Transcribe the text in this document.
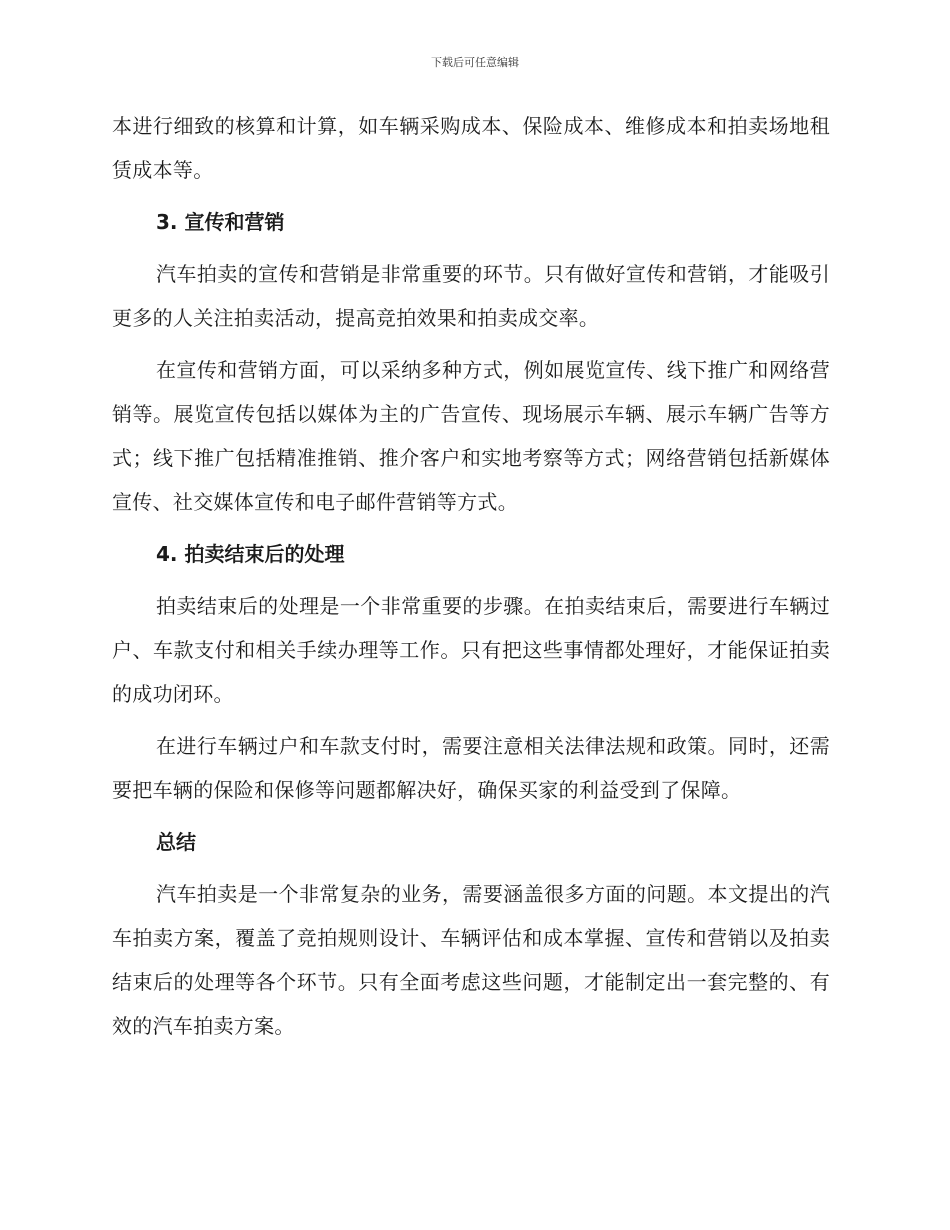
下载后可任意编辑

本进行细致的核算和计算，如车辆采购成本、保险成本、维修成本和拍卖场地租赁成本等。

3. 宣传和营销

汽车拍卖的宣传和营销是非常重要的环节。只有做好宣传和营销，才能吸引更多的人关注拍卖活动，提高竞拍效果和拍卖成交率。

在宣传和营销方面，可以采纳多种方式，例如展览宣传、线下推广和网络营销等。展览宣传包括以媒体为主的广告宣传、现场展示车辆、展示车辆广告等方式；线下推广包括精准推销、推介客户和实地考察等方式；网络营销包括新媒体宣传、社交媒体宣传和电子邮件营销等方式。

4. 拍卖结束后的处理

拍卖结束后的处理是一个非常重要的步骤。在拍卖结束后，需要进行车辆过户、车款支付和相关手续办理等工作。只有把这些事情都处理好，才能保证拍卖的成功闭环。

在进行车辆过户和车款支付时，需要注意相关法律法规和政策。同时，还需要把车辆的保险和保修等问题都解决好，确保买家的利益受到了保障。

总结

汽车拍卖是一个非常复杂的业务，需要涵盖很多方面的问题。本文提出的汽车拍卖方案，覆盖了竞拍规则设计、车辆评估和成本掌握、宣传和营销以及拍卖结束后的处理等各个环节。只有全面考虑这些问题，才能制定出一套完整的、有效的汽车拍卖方案。
